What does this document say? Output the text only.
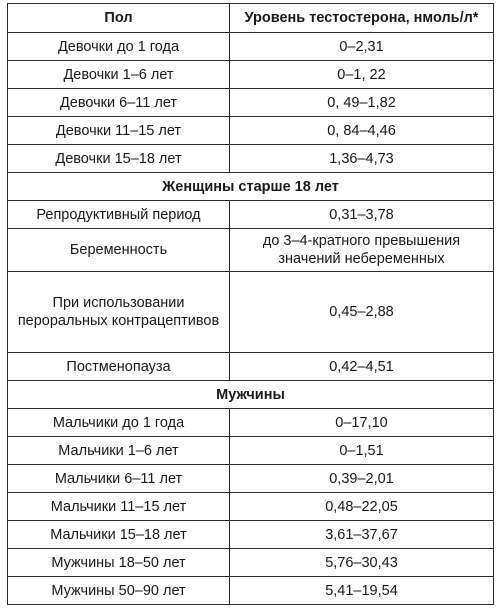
Пол	Уровень тестостерона, нмоль/л*
Девочки до 1 года	0–2,31
Девочки 1–6 лет	0–1, 22
Девочки 6–11 лет	0, 49–1,82
Девочки 11–15 лет	0, 84–4,46
Девочки 15–18 лет	1,36–4,73
Женщины старше 18 лет	
Репродуктивный период	0,31–3,78
Беременность	до 3–4-кратного превышения значений небеременных
При использовании пероральных контрацептивов	0,45–2,88
Постменопауза	0,42–4,51
Мужчины	
Мальчики до 1 года	0–17,10
Мальчики 1–6 лет	0–1,51
Мальчики 6–11 лет	0,39–2,01
Мальчики 11–15 лет	0,48–22,05
Мальчики 15–18 лет	3,61–37,67
Мужчины 18–50 лет	5,76–30,43
Мужчины 50–90 лет	5,41–19,54
